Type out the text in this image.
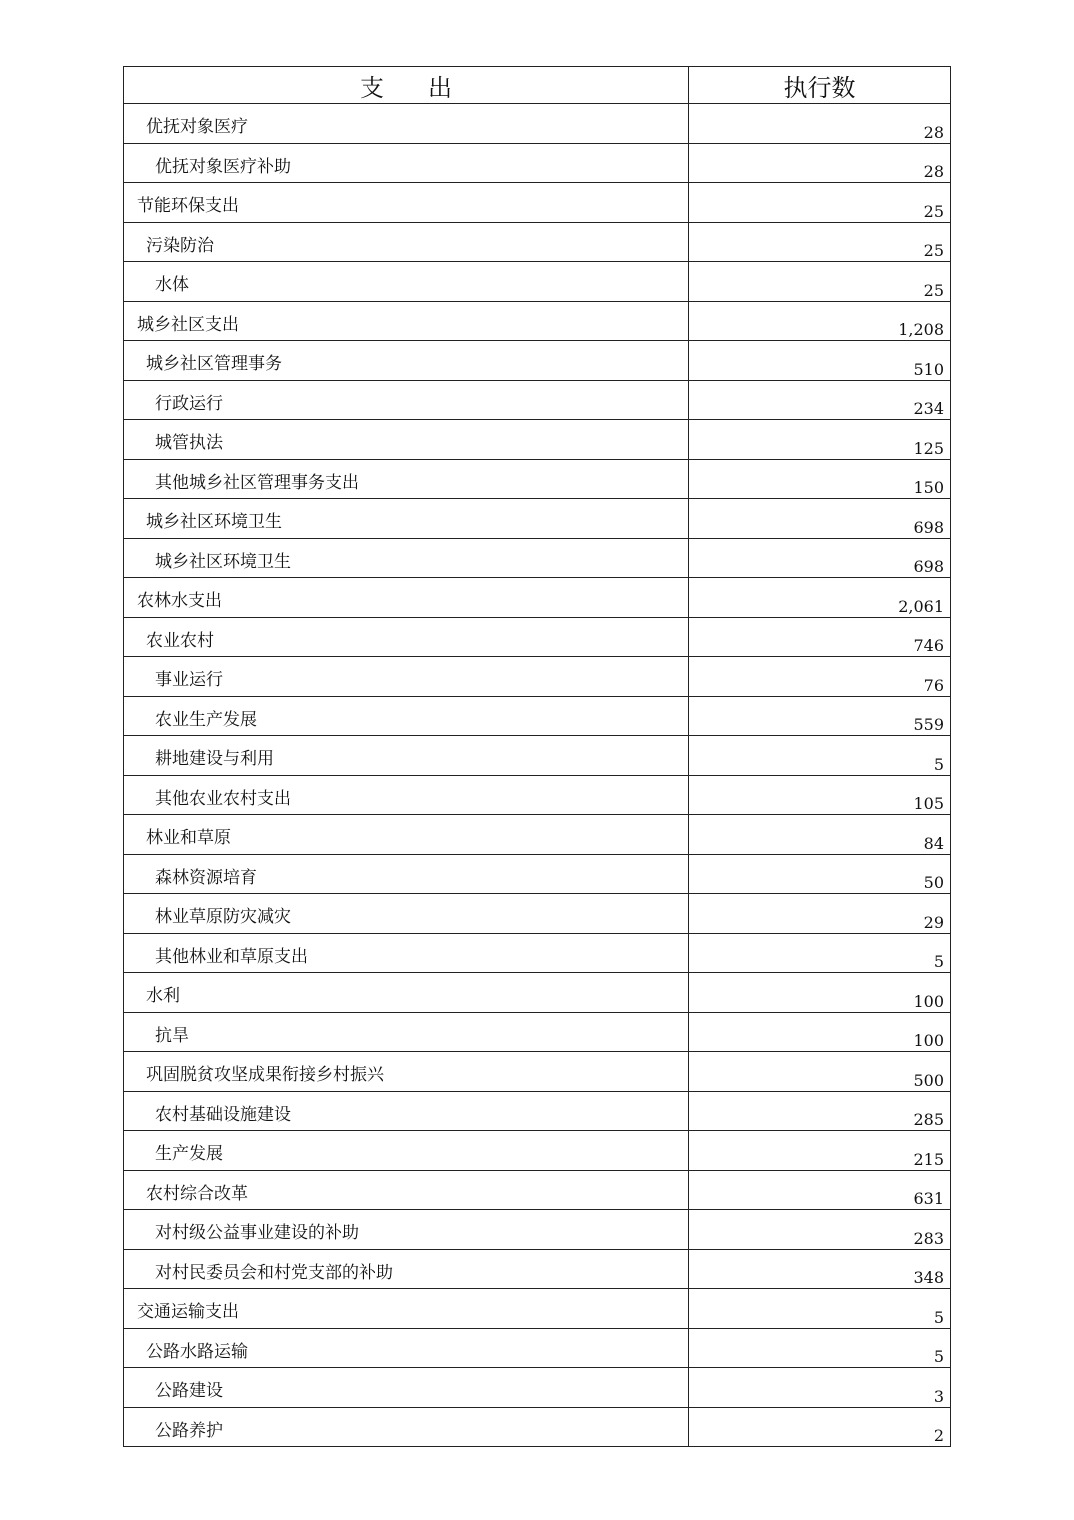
支出	执行数
优抚对象医疗	28
优抚对象医疗补助	28
节能环保支出	25
污染防治	25
水体	25
城乡社区支出	1,208
城乡社区管理事务	510
行政运行	234
城管执法	125
其他城乡社区管理事务支出	150
城乡社区环境卫生	698
城乡社区环境卫生	698
农林水支出	2,061
农业农村	746
事业运行	76
农业生产发展	559
耕地建设与利用	5
其他农业农村支出	105
林业和草原	84
森林资源培育	50
林业草原防灾减灾	29
其他林业和草原支出	5
水利	100
抗旱	100
巩固脱贫攻坚成果衔接乡村振兴	500
农村基础设施建设	285
生产发展	215
农村综合改革	631
对村级公益事业建设的补助	283
对村民委员会和村党支部的补助	348
交通运输支出	5
公路水路运输	5
公路建设	3
公路养护	2
